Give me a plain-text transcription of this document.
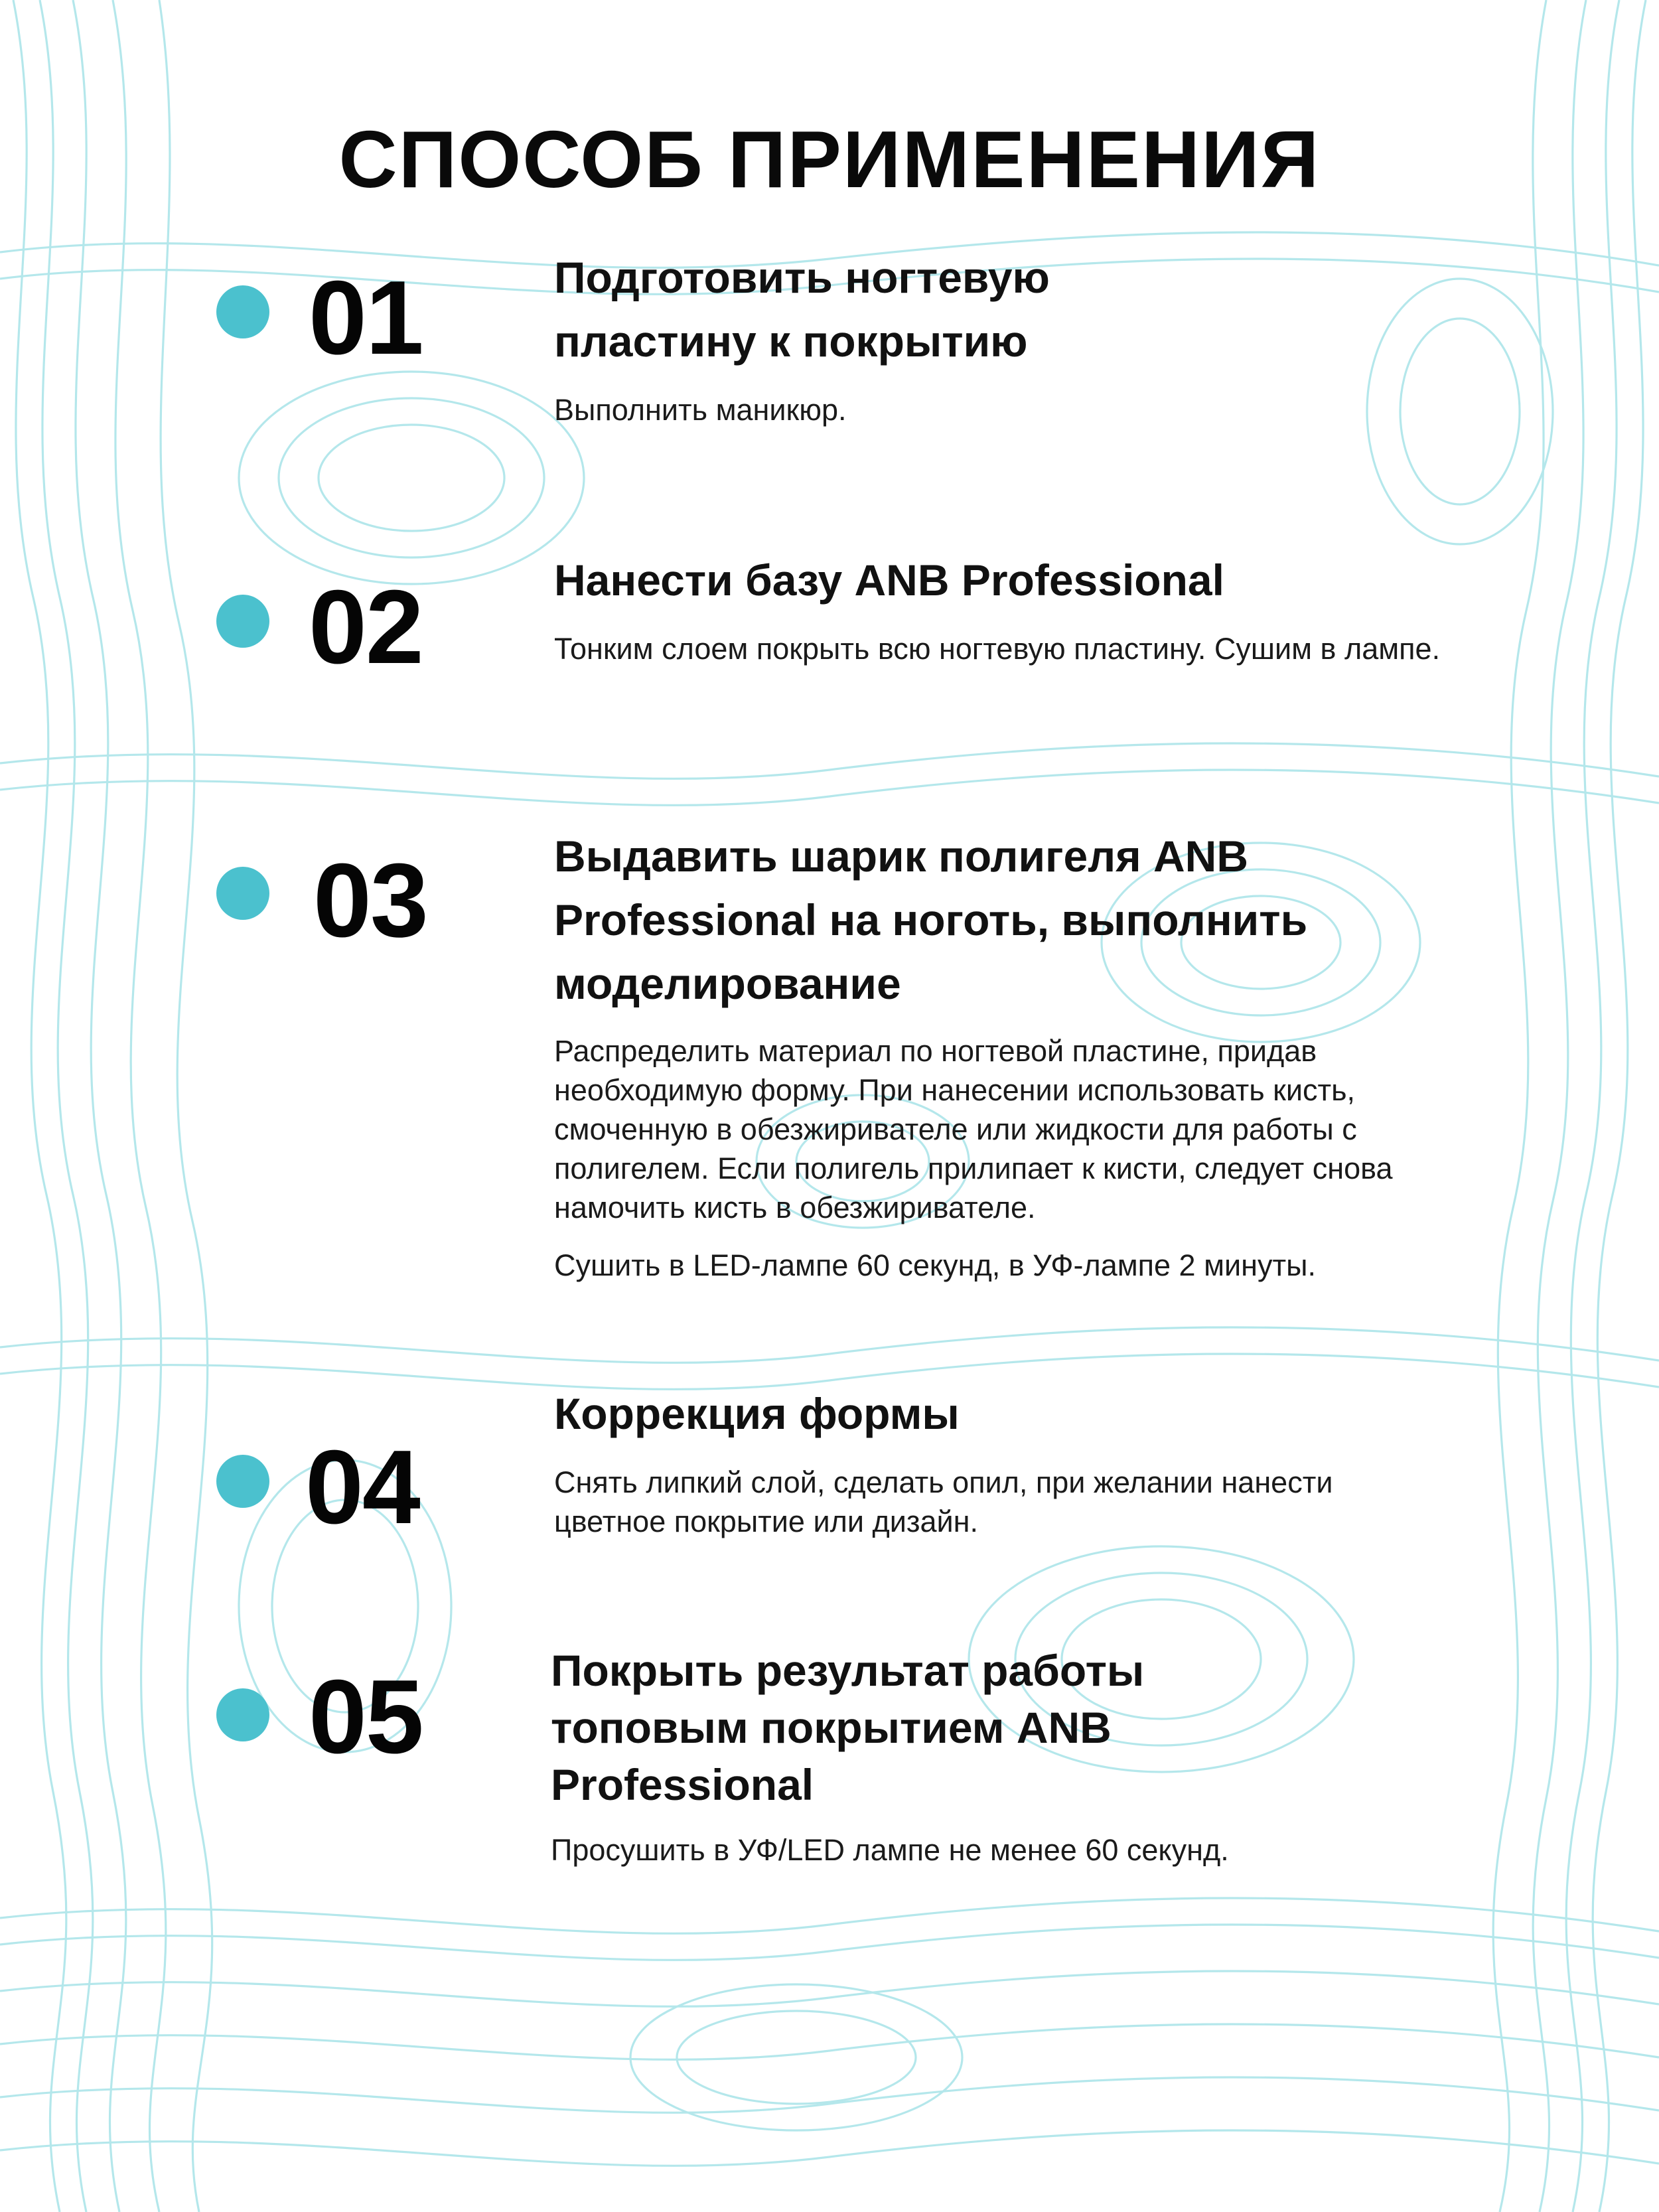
СПОСОБ ПРИМЕНЕНИЯ
01	Подготовить ногтевую пластину к покрытию

Выполнить маникюр.

02	Нанести базу ANB Professional

Тонким слоем покрыть всю ногтевую пластину. Сушим в лампе.

03	Выдавить шарик полигеля ANB Professional на ноготь, выполнить моделирование

Распределить материал по ногтевой пластине, придав необходимую форму. При нанесении использовать кисть, смоченную в обезжиривателе или жидкости для работы с полигелем. Если полигель прилипает к кисти, следует снова намочить кисть в обезжиривателе.

Сушить в LED-лампе 60 секунд, в УФ-лампе 2 минуты.

04

Коррекция формы

Снять липкий слой, сделать опил, при желании нанести цветное покрытие или дизайн.

05	Покрыть результат работы топовым покрытием ANB Professional

Просушить в УФ/LED лампе не менее 60 секунд.
